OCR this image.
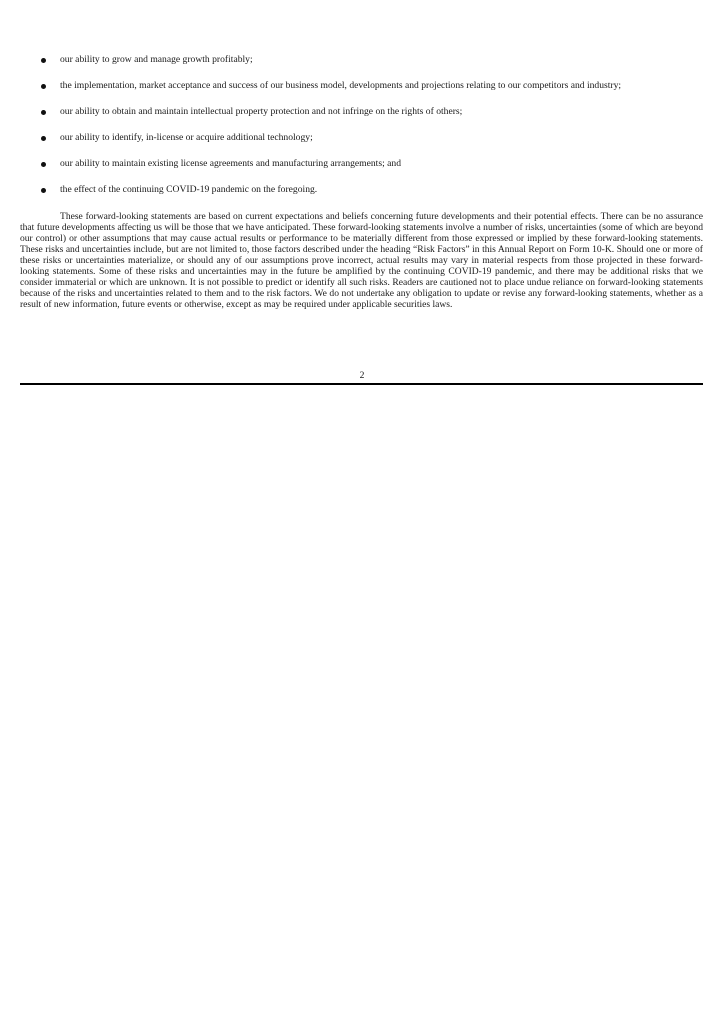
our ability to grow and manage growth profitably;
the implementation, market acceptance and success of our business model, developments and projections relating to our competitors and industry;
our ability to obtain and maintain intellectual property protection and not infringe on the rights of others;
our ability to identify, in-license or acquire additional technology;
our ability to maintain existing license agreements and manufacturing arrangements; and
the effect of the continuing COVID-19 pandemic on the foregoing.

These forward-looking statements are based on current expectations and beliefs concerning future developments and their potential effects. There can be no assurance that future developments affecting us will be those that we have anticipated. These forward-looking statements involve a number of risks, uncertainties (some of which are beyond our control) or other assumptions that may cause actual results or performance to be materially different from those expressed or implied by these forward-looking statements. These risks and uncertainties include, but are not limited to, those factors described under the heading “Risk Factors” in this Annual Report on Form 10-K. Should one or more of these risks or uncertainties materialize, or should any of our assumptions prove incorrect, actual results may vary in material respects from those projected in these forward-looking statements. Some of these risks and uncertainties may in the future be amplified by the continuing COVID-19 pandemic, and there may be additional risks that we consider immaterial or which are unknown. It is not possible to predict or identify all such risks. Readers are cautioned not to place undue reliance on forward-looking statements because of the risks and uncertainties related to them and to the risk factors. We do not undertake any obligation to update or revise any forward-looking statements, whether as a result of new information, future events or otherwise, except as may be required under applicable securities laws.

2
